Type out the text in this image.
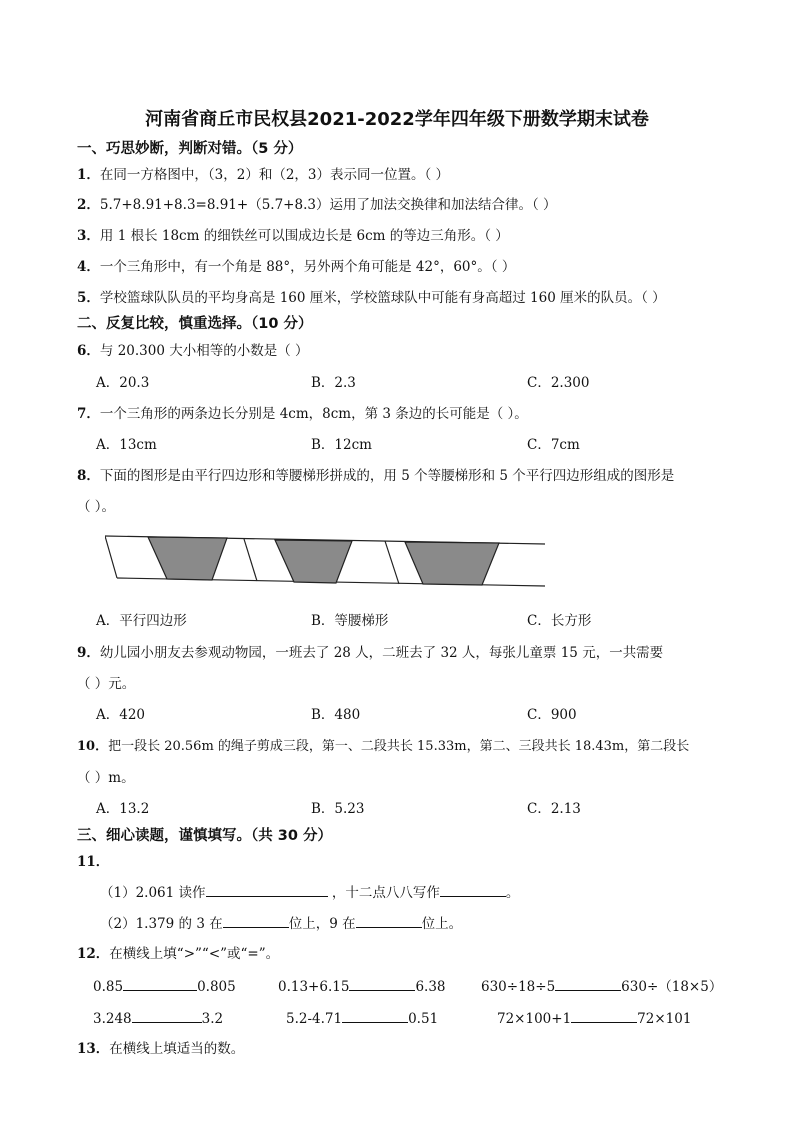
河南省商丘市民权县2021-2022学年四年级下册数学期末试卷
一、巧思妙断，判断对错。（5 分）
1．在同一方格图中，（3，2）和（2，3）表示同一位置。（ ）
2．5.7+8.91+8.3=8.91+（5.7+8.3）运用了加法交换律和加法结合律。（ ）
3．用 1 根长 18cm 的细铁丝可以围成边长是 6cm 的等边三角形。（ ）
4．一个三角形中，有一个角是 88°，另外两个角可能是 42°，60°。（ ）
5．学校篮球队队员的平均身高是 160 厘米，学校篮球队中可能有身高超过 160 厘米的队员。（ ）
二、反复比较，慎重选择。（10 分）
6．与 20.300 大小相等的小数是（ ）
A．20.3	B．2.3	C．2.300
7．一个三角形的两条边长分别是 4cm，8cm，第 3 条边的长可能是（ ）。
A．13cm	B．12cm	C．7cm
8．下面的图形是由平行四边形和等腰梯形拼成的，用 5 个等腰梯形和 5 个平行四边形组成的图形是
（ ）。
A．平行四边形	B．等腰梯形	C．长方形
9．幼儿园小朋友去参观动物园，一班去了 28 人，二班去了 32 人，每张儿童票 15 元，一共需要
（ ）元。
A．420	B．480	C．900
10．把一段长 20.56m 的绳子剪成三段，第一、二段共长 15.33m，第二、三段共长 18.43m，第二段长
（ ）m。
A．13.2	B．5.23	C．2.13
三、细心读题，谨慎填写。（共 30 分）
11．
（1）2.061 读作	，十二点八八写作	。
（2）1.379 的 3 在	位上，9 在	位上。
12．在横线上填“>”“<”或“=”。
0.85	0.805	0.13+6.15	6.38	630÷18÷5	630÷（18×5）
3.248	3.2	5.2-4.71	0.51	72×100+1	72×101
13．在横线上填适当的数。
